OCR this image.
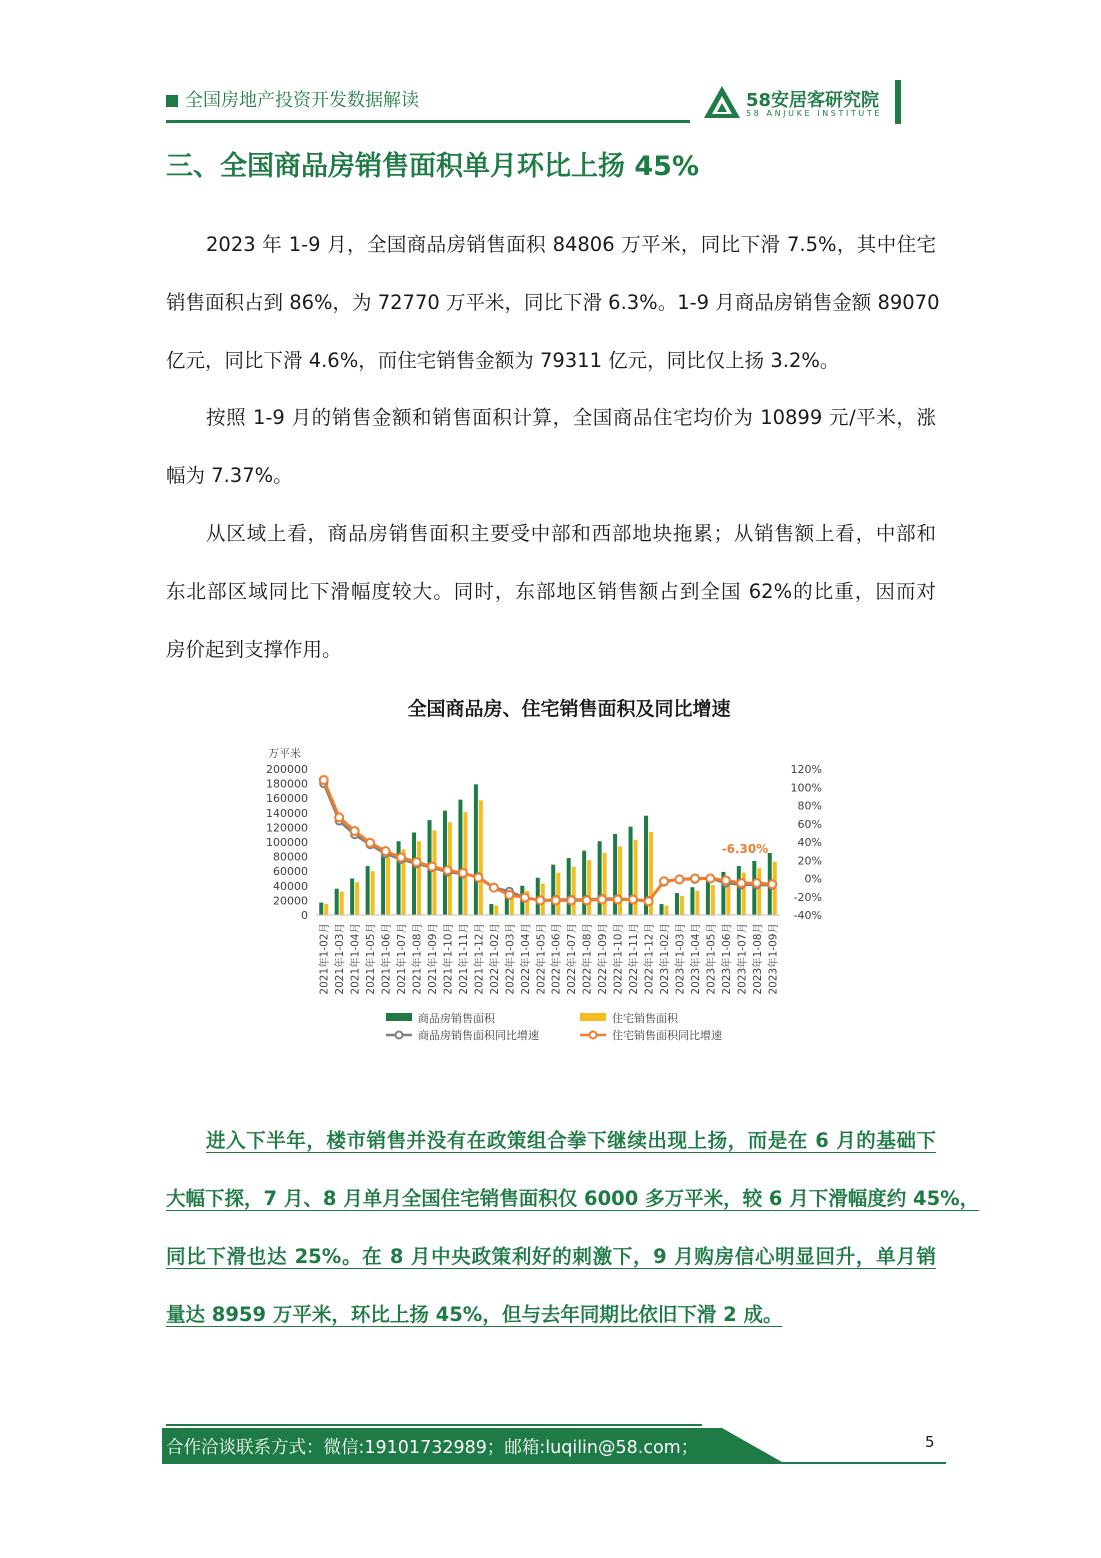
全国房地产投资开发数据解读	58安居客研究院
58 ANJUKE INSTITUTE
三、全国商品房销售面积单月环比上扬 45%
2023 年 1-9 月，全国商品房销售面积 84806 万平米，同比下滑 7.5%，其中住宅
销售面积占到 86%，为 72770 万平米，同比下滑 6.3%。1-9 月商品房销售金额 89070
亿元，同比下滑 4.6%，而住宅销售金额为 79311 亿元，同比仅上扬 3.2%。
按照 1-9 月的销售金额和销售面积计算，全国商品住宅均价为 10899 元/平米，涨
幅为 7.37%。
从区域上看，商品房销售面积主要受中部和西部地块拖累；从销售额上看，中部和
东北部区域同比下滑幅度较大。同时，东部地区销售额占到全国 62%的比重，因而对
房价起到支撑作用。
全国商品房、住宅销售面积及同比增速
-6.30%
万平米
200000
180000
160000
140000
120000
100000
80000
60000
40000
20000
0
120%
100%
80%
60%
40%
20%
0%
-20%
-40%
2021年1-02月 2021年1-03月 2021年1-04月 2021年1-05月 2021年1-06月 2021年1-07月 2021年1-08月 2021年1-09月 2021年1-10月 2021年1-11月 2021年1-12月 2022年1-02月 2022年1-03月 2022年1-04月 2022年1-05月 2022年1-06月 2022年1-07月 2022年1-08月 2022年1-09月 2022年1-10月 2022年1-11月 2022年1-12月 2023年1-02月 2023年1-03月 2023年1-04月 2023年1-05月 2023年1-06月 2023年1-07月 2023年1-08月 2023年1-09月
商品房销售面积	住宅销售面积
商品房销售面积同比增速	住宅销售面积同比增速
进入下半年，楼市销售并没有在政策组合拳下继续出现上扬，而是在 6 月的基础下
大幅下探，7 月、8 月单月全国住宅销售面积仅 6000 多万平米，较 6 月下滑幅度约 45%，
同比下滑也达 25%。在 8 月中央政策利好的刺激下，9 月购房信心明显回升，单月销
量达 8959 万平米，环比上扬 45%，但与去年同期比依旧下滑 2 成。
合作洽谈联系方式：微信:19101732989；邮箱:luqilin@58.com；	5
